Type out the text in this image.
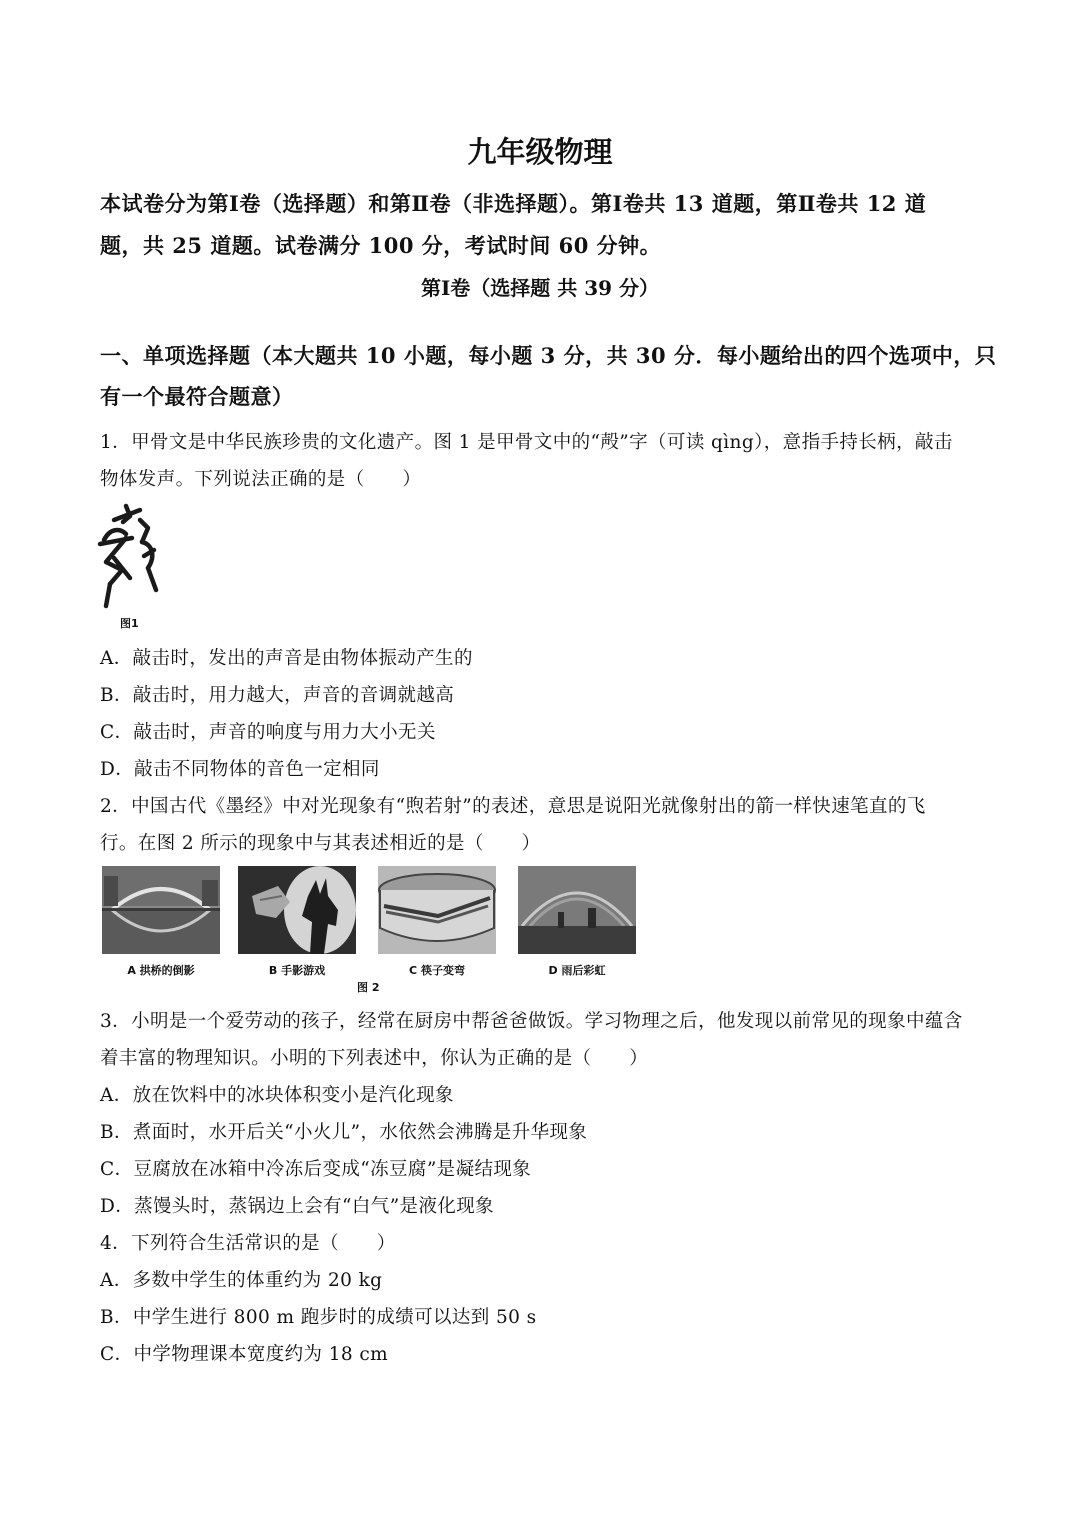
九年级物理
本试卷分为第Ⅰ卷（选择题）和第Ⅱ卷（非选择题）。第Ⅰ卷共 13 道题，第Ⅱ卷共 12 道
题，共 25 道题。试卷满分 100 分，考试时间 60 分钟。
第Ⅰ卷（选择题 共 39 分）
一、单项选择题（本大题共 10 小题，每小题 3 分，共 30 分．每小题给出的四个选项中，只
有一个最符合题意）
1．甲骨文是中华民族珍贵的文化遗产。图 1 是甲骨文中的“殸”字（可读 qìng），意指手持长柄，敲击
物体发声。下列说法正确的是（　　）
图1
A．敲击时，发出的声音是由物体振动产生的
B．敲击时，用力越大，声音的音调就越高
C．敲击时，声音的响度与用力大小无关
D．敲击不同物体的音色一定相同
2．中国古代《墨经》中对光现象有“煦若射”的表述，意思是说阳光就像射出的箭一样快速笔直的飞
行。在图 2 所示的现象中与其表述相近的是（　　）
A 拱桥的倒影	B 手影游戏	C 筷子变弯	D 雨后彩虹
图 2
3．小明是一个爱劳动的孩子，经常在厨房中帮爸爸做饭。学习物理之后，他发现以前常见的现象中蕴含
着丰富的物理知识。小明的下列表述中，你认为正确的是（　　）
A．放在饮料中的冰块体积变小是汽化现象
B．煮面时，水开后关“小火儿”，水依然会沸腾是升华现象
C．豆腐放在冰箱中冷冻后变成“冻豆腐”是凝结现象
D．蒸馒头时，蒸锅边上会有“白气”是液化现象
4．下列符合生活常识的是（　　）
A．多数中学生的体重约为 20 kg
B．中学生进行 800 m 跑步时的成绩可以达到 50 s
C．中学物理课本宽度约为 18 cm
